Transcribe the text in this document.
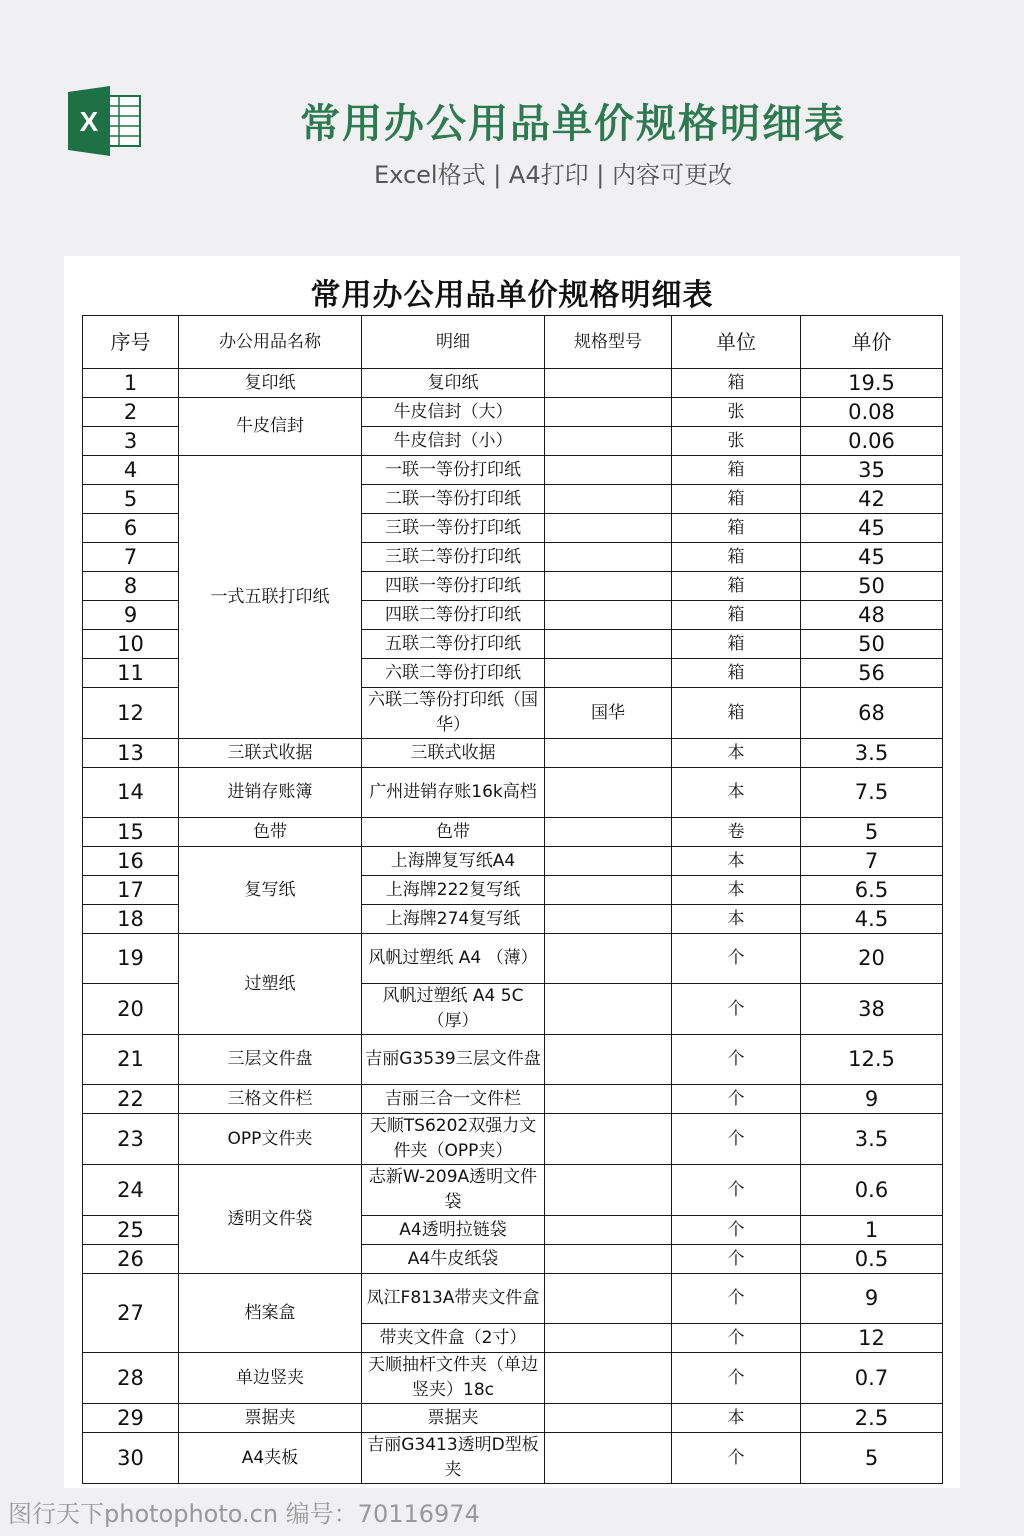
X	常用办公用品单价规格明细表
Excel格式 | A4打印 | 内容可更改
常用办公用品单价规格明细表
序号	办公用品名称	明细	规格型号	单位	单价
1	复印纸	复印纸		箱	19.5
2	牛皮信封	牛皮信封（大）		张	0.08
3		牛皮信封（小）		张	0.06
4	一式五联打印纸	一联一等份打印纸		箱	35
5		二联一等份打印纸		箱	42
6		三联一等份打印纸		箱	45
7		三联二等份打印纸		箱	45
8		四联一等份打印纸		箱	50
9		四联二等份打印纸		箱	48
10		五联二等份打印纸		箱	50
11		六联二等份打印纸		箱	56
12		六联二等份打印纸（国华）	国华	箱	68
13	三联式收据	三联式收据		本	3.5
14	进销存账簿	广州进销存账16k高档		本	7.5
15	色带	色带		卷	5
16	复写纸	上海牌复写纸A4		本	7
17		上海牌222复写纸		本	6.5
18		上海牌274复写纸		本	4.5
19	过塑纸	风帆过塑纸 A4 （薄）		个	20
20		风帆过塑纸 A4 5C（厚）		个	38
21	三层文件盘	吉丽G3539三层文件盘		个	12.5
22	三格文件栏	吉丽三合一文件栏		个	9
23	OPP文件夹	天顺TS6202双强力文件夹（OPP夹）		个	3.5
24	透明文件袋	志新W-209A透明文件袋		个	0.6
25		A4透明拉链袋		个	1
26		A4牛皮纸袋		个	0.5
27	档案盒	凤江F813A带夹文件盒		个	9
		带夹文件盒（2寸）		个	12
28	单边竖夹	天顺抽杆文件夹（单边竖夹）18c		个	0.7
29	票据夹	票据夹		本	2.5
30	A4夹板	吉丽G3413透明D型板夹		个	5
图行天下photophoto.cn 编号：70116974
